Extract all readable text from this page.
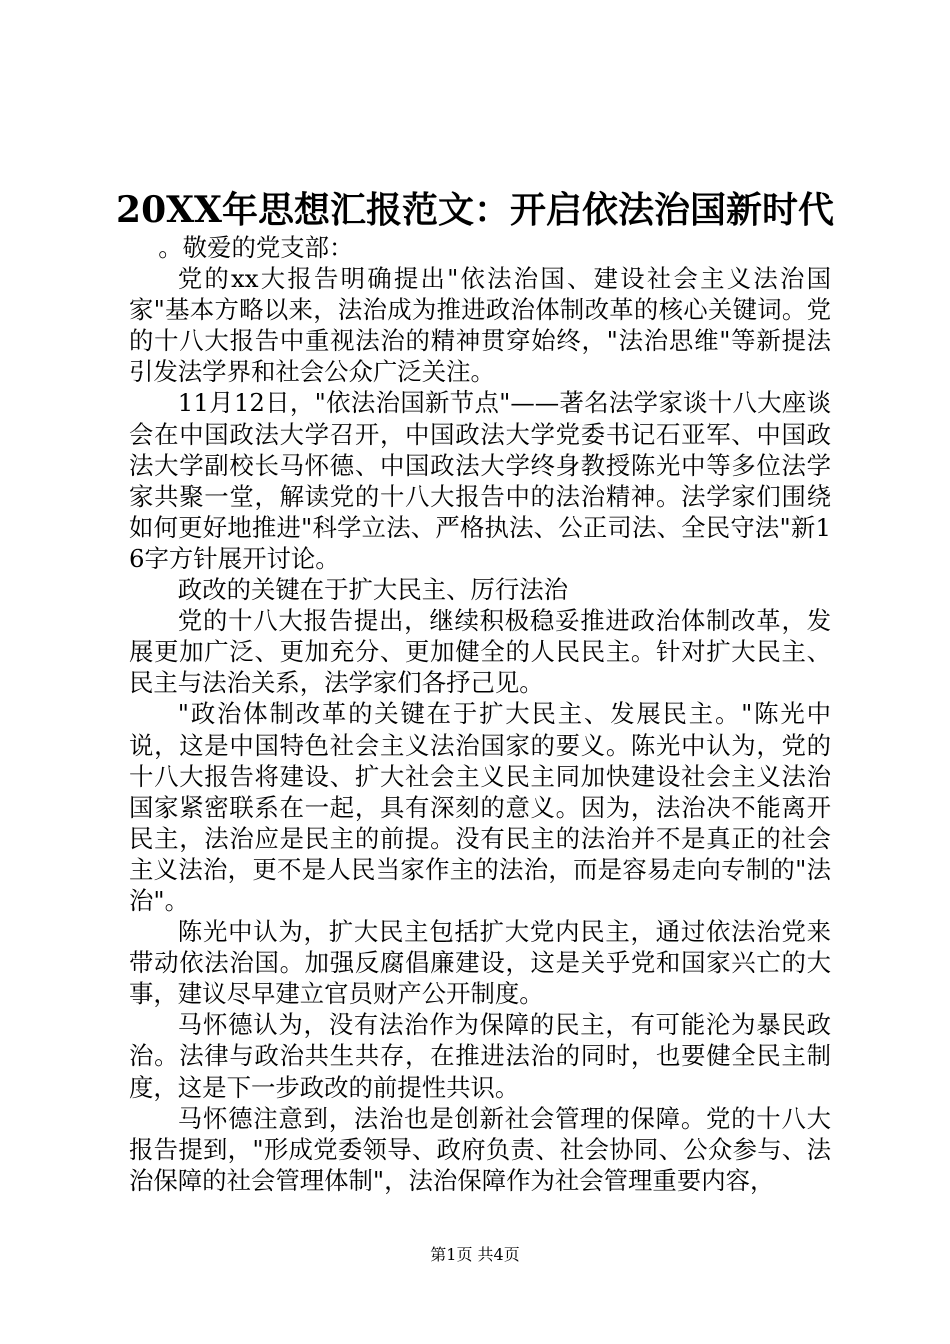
20XX年思想汇报范文：开启依法治国新时代

。敬爱的党支部：

党的xx大报告明确提出"依法治国、建设社会主义法治国家"基本方略以来，法治成为推进政治体制改革的核心关键词。党的十八大报告中重视法治的精神贯穿始终，"法治思维"等新提法引发法学界和社会公众广泛关注。

11月12日，"依法治国新节点"——著名法学家谈十八大座谈会在中国政法大学召开，中国政法大学党委书记石亚军、中国政法大学副校长马怀德、中国政法大学终身教授陈光中等多位法学家共聚一堂，解读党的十八大报告中的法治精神。法学家们围绕如何更好地推进"科学立法、严格执法、公正司法、全民守法"新16字方针展开讨论。

政改的关键在于扩大民主、厉行法治

党的十八大报告提出，继续积极稳妥推进政治体制改革，发展更加广泛、更加充分、更加健全的人民民主。针对扩大民主、民主与法治关系，法学家们各抒己见。

"政治体制改革的关键在于扩大民主、发展民主。"陈光中说，这是中国特色社会主义法治国家的要义。陈光中认为，党的十八大报告将建设、扩大社会主义民主同加快建设社会主义法治国家紧密联系在一起，具有深刻的意义。因为，法治决不能离开民主，法治应是民主的前提。没有民主的法治并不是真正的社会主义法治，更不是人民当家作主的法治，而是容易走向专制的"法治"。

陈光中认为，扩大民主包括扩大党内民主，通过依法治党来带动依法治国。加强反腐倡廉建设，这是关乎党和国家兴亡的大事，建议尽早建立官员财产公开制度。

马怀德认为，没有法治作为保障的民主，有可能沦为暴民政治。法律与政治共生共存，在推进法治的同时，也要健全民主制度，这是下一步政改的前提性共识。

马怀德注意到，法治也是创新社会管理的保障。党的十八大报告提到，"形成党委领导、政府负责、社会协同、公众参与、法治保障的社会管理体制"，法治保障作为社会管理重要内容，

第1页 共4页
